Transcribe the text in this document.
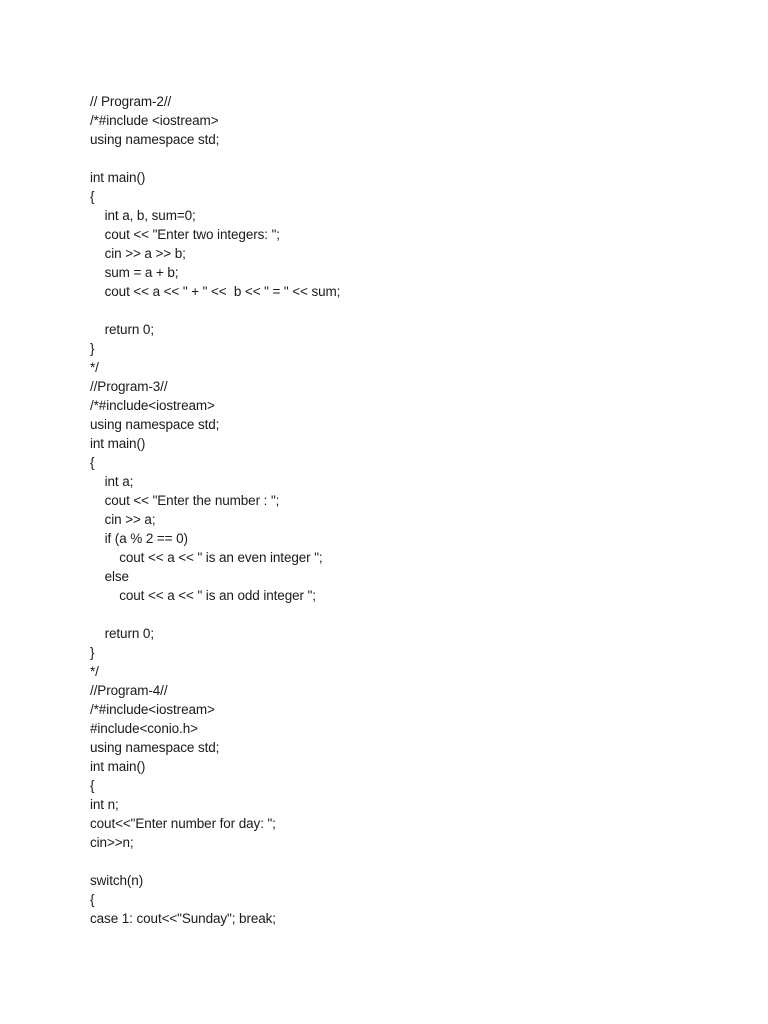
// Program-2//
/*#include <iostream>
using namespace std;

int main()
{
int a, b, sum=0;
cout << "Enter two integers: ";
cin >> a >> b;
sum = a + b;
cout << a << " + " <<  b << " = " << sum;

return 0;
}
*/
//Program-3//
/*#include<iostream>
using namespace std;
int main()
{
int a;
cout << "Enter the number : ";
cin >> a;
if (a % 2 == 0)
cout << a << " is an even integer ";
else
cout << a << " is an odd integer ";

return 0;
}
*/
//Program-4//
/*#include<iostream>
#include<conio.h>
using namespace std;
int main()
{
int n;
cout<<"Enter number for day: ";
cin>>n;

switch(n)
{
case 1: cout<<"Sunday"; break;
